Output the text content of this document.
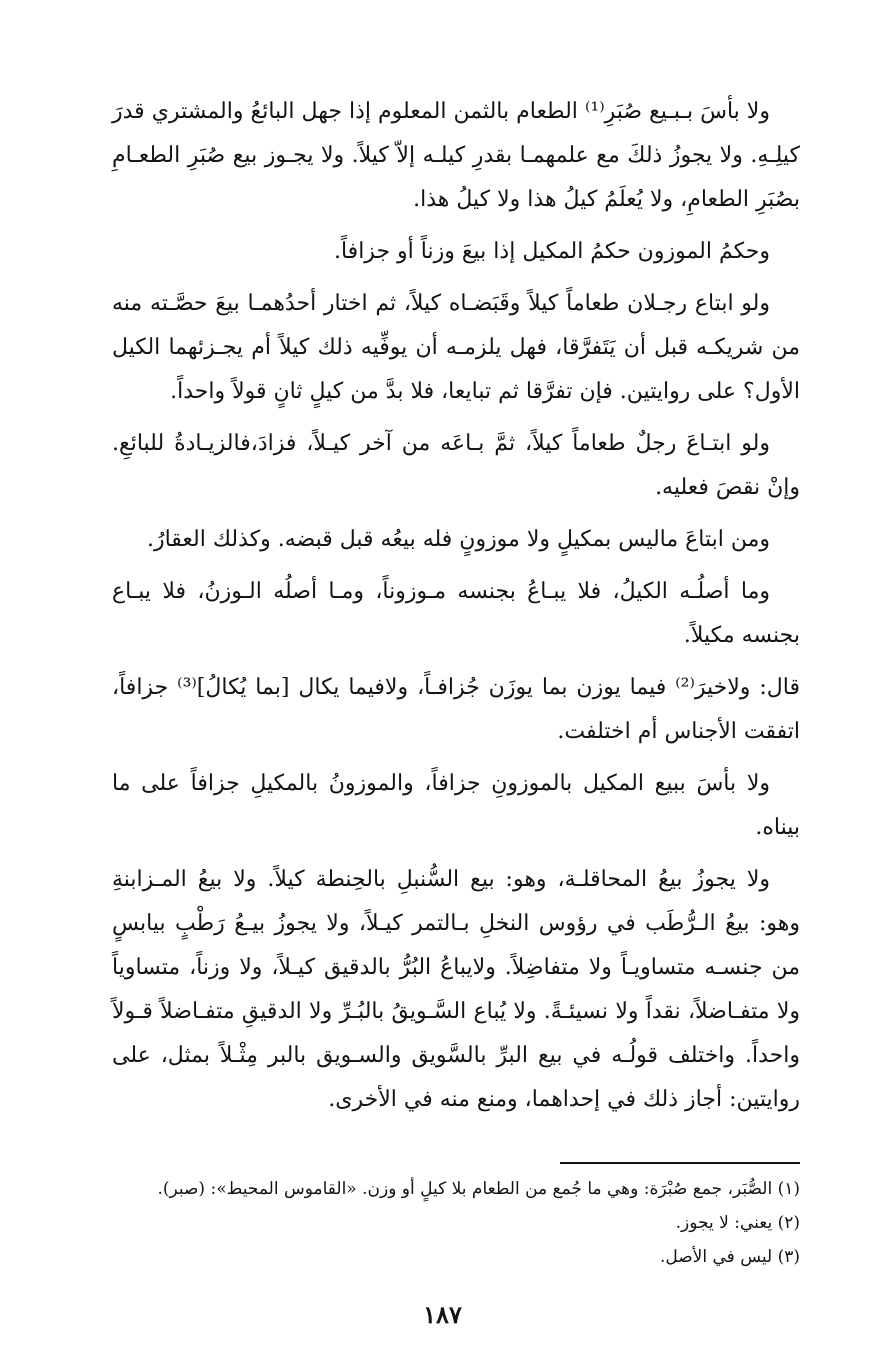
ولا بأسَ بـبـيع صُبَرِ⁽¹⁾ الطعام بالثمن المعلوم إذا جهل البائعُ والمشتري قدرَ كيلِـهِ. ولا يجوزُ ذلكَ مع علمهمـا بقدرِ كيلـه إلاّ كيلاً. ولا يجـوز بيع صُبَرِ الطعـامِ بصُبَرِ الطعامِ، ولا يُعلَمُ كيلُ هذا ولا كيلُ هذا.

وحكمُ الموزون حكمُ المكيل إذا بيعَ وزناً أو جزافاً.

ولو ابتاع رجـلان طعاماً كيلاً وقَبَضـاه كيلاً، ثم اختار أحدُهمـا بيعَ حصَّـته منه من شريكـه قبل أن يَتَفرَّقا، فهل يلزمـه أن يوفِّيه ذلك كيلاً أم يجـزئهما الكيل الأول؟ على روايتين. فإن تفرَّقا ثم تبايعا، فلا بدَّ من كيلٍ ثانٍ قولاً واحداً.

ولو ابتـاعَ رجلٌ طعاماً كيلاً، ثمَّ بـاعَه من آخر كيـلاً، فزادَ،فالزيـادةُ للبائعِ. وإنْ نقصَ فعليه.

ومن ابتاعَ ماليس بمكيلٍ ولا موزونٍ فله بيعُه قبل قبضه. وكذلك العقارُ.

وما أصلُـه الكيلُ، فلا يبـاعُ بجنسه مـوزوناً، ومـا أصلُه الـوزنُ، فلا يبـاع بجنسه مكيلاً.

قال: ولاخيرَ⁽²⁾ فيما يوزن بما يوزَن جُزافـاً، ولافيما يكال [بما يُكالُ]⁽³⁾ جزافاً، اتفقت الأجناس أم اختلفت.

ولا بأسَ ببيع المكيل بالموزونِ جزافاً، والموزونُ بالمكيلِ جزافاً على ما بيناه.

ولا يجوزُ بيعُ المحاقلـة، وهو: بيع السُّنبلِ بالحِنطة كيلاً. ولا بيعُ المـزابنةِ وهو: بيعُ الـرُّطَب في رؤوس النخلِ بـالتمر كيـلاً، ولا يجوزُ بيـعُ رَطْبٍ بيابسٍ من جنسـه متساويـاً ولا متفاضِلاً. ولايباعُ البُرُّ بالدقيق كيـلاً، ولا وزناً، متساوياً ولا متفـاضلاً، نقداً ولا نسيئـةً. ولا يُباع السَّـويقُ بالبُـرِّ ولا الدقيقِ متفـاضلاً قـولاً واحداً. واختلف قولُـه في بيع البرِّ بالسَّويق والسـويق بالبر مِثْـلاً بمثل، على روايتين: أجاز ذلك في إحداهما، ومنع منه في الأخرى.

(١) الصُّبَر، جمع صُبْرَة: وهي ما جُمع من الطعام بلا كيلٍ أو وزن. «القاموس المحيط»: (صبر).
(٢) يعني: لا يجوز.
(٣) ليس في الأصل.
١٨٧
